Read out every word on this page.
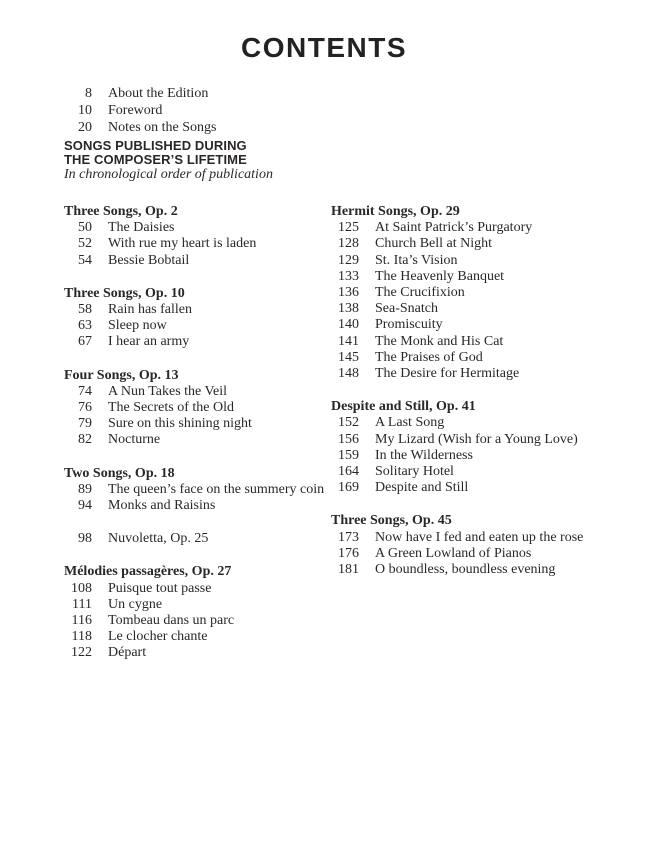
CONTENTS
8 About the Edition
10 Foreword
20 Notes on the Songs
SONGS PUBLISHED DURING
THE COMPOSER’S LIFETIME
In chronological order of publication
Three Songs, Op. 2
50 The Daisies
52 With rue my heart is laden
54 Bessie Bobtail
Three Songs, Op. 10
58 Rain has fallen
63 Sleep now
67 I hear an army
Four Songs, Op. 13
74 A Nun Takes the Veil
76 The Secrets of the Old
79 Sure on this shining night
82 Nocturne
Two Songs, Op. 18
89 The queen’s face on the summery coin
94 Monks and Raisins
98 Nuvoletta, Op. 25
Mélodies passagères, Op. 27
108 Puisque tout passe
111 Un cygne
116 Tombeau dans un parc
118 Le clocher chante
122 Départ
Hermit Songs, Op. 29
125 At Saint Patrick’s Purgatory
128 Church Bell at Night
129 St. Ita’s Vision
133 The Heavenly Banquet
136 The Crucifixion
138 Sea-Snatch
140 Promiscuity
141 The Monk and His Cat
145 The Praises of God
148 The Desire for Hermitage
Despite and Still, Op. 41
152 A Last Song
156 My Lizard (Wish for a Young Love)
159 In the Wilderness
164 Solitary Hotel
169 Despite and Still
Three Songs, Op. 45
173 Now have I fed and eaten up the rose
176 A Green Lowland of Pianos
181 O boundless, boundless evening
